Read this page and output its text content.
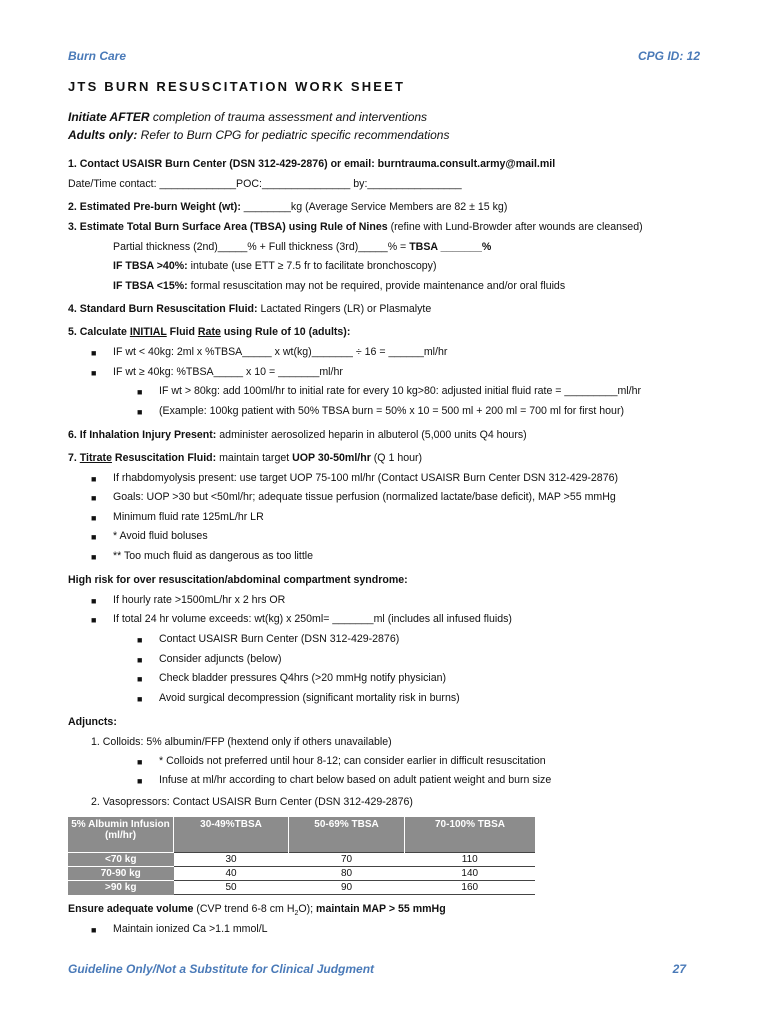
Burn Care	CPG ID: 12
JTS BURN RESUSCITATION WORK SHEET
Initiate AFTER completion of trauma assessment and interventions
Adults only: Refer to Burn CPG for pediatric specific recommendations
1. Contact USAISR Burn Center (DSN 312-429-2876) or email: burntrauma.consult.army@mail.mil
Date/Time contact: _____________POC:_______________ by:________________
2. Estimated Pre-burn Weight (wt): ________kg (Average Service Members are 82 ± 15 kg)
3. Estimate Total Burn Surface Area (TBSA) using Rule of Nines (refine with Lund-Browder after wounds are cleansed)
Partial thickness (2nd)_____% + Full thickness (3rd)_____% = TBSA _______%
IF TBSA >40%: intubate (use ETT ≥ 7.5 fr to facilitate bronchoscopy)
IF TBSA <15%: formal resuscitation may not be required, provide maintenance and/or oral fluids
4. Standard Burn Resuscitation Fluid: Lactated Ringers (LR) or Plasmalyte
5. Calculate INITIAL Fluid Rate using Rule of 10 (adults):
■ IF wt < 40kg: 2ml x %TBSA_____ x wt(kg)_______ ÷ 16 = ______ml/hr
■ IF wt ≥ 40kg: %TBSA_____ x 10 = _______ml/hr
■ IF wt > 80kg: add 100ml/hr to initial rate for every 10 kg>80: adjusted initial fluid rate = _________ml/hr
■ (Example: 100kg patient with 50% TBSA burn = 50% x 10 = 500 ml + 200 ml = 700 ml for first hour)
6. If Inhalation Injury Present: administer aerosolized heparin in albuterol (5,000 units Q4 hours)
7. Titrate Resuscitation Fluid: maintain target UOP 30-50ml/hr (Q 1 hour)
■ If rhabdomyolysis present: use target UOP 75-100 ml/hr (Contact USAISR Burn Center DSN 312-429-2876)
■ Goals: UOP >30 but <50ml/hr; adequate tissue perfusion (normalized lactate/base deficit), MAP >55 mmHg
■ Minimum fluid rate 125mL/hr LR
■ * Avoid fluid boluses
■ ** Too much fluid as dangerous as too little
High risk for over resuscitation/abdominal compartment syndrome:
■ If hourly rate >1500mL/hr x 2 hrs OR
■ If total 24 hr volume exceeds: wt(kg) x 250ml= _______ml (includes all infused fluids)
■ Contact USAISR Burn Center (DSN 312-429-2876)
■ Consider adjuncts (below)
■ Check bladder pressures Q4hrs (>20 mmHg notify physician)
■ Avoid surgical decompression (significant mortality risk in burns)
Adjuncts:
1. Colloids: 5% albumin/FFP (hextend only if others unavailable)
■ * Colloids not preferred until hour 8-12; can consider earlier in difficult resuscitation
■ Infuse at ml/hr according to chart below based on adult patient weight and burn size
2. Vasopressors: Contact USAISR Burn Center (DSN 312-429-2876)
5% Albumin Infusion (ml/hr)	30-49%TBSA	50-69% TBSA	70-100% TBSA
<70 kg	30	70	110
70-90 kg	40	80	140
>90 kg	50	90	160
Ensure adequate volume (CVP trend 6-8 cm $H_2O$); maintain MAP > 55 mmHg
■ Maintain ionized Ca >1.1 mmol/L
Guideline Only/Not a Substitute for Clinical Judgment	27
